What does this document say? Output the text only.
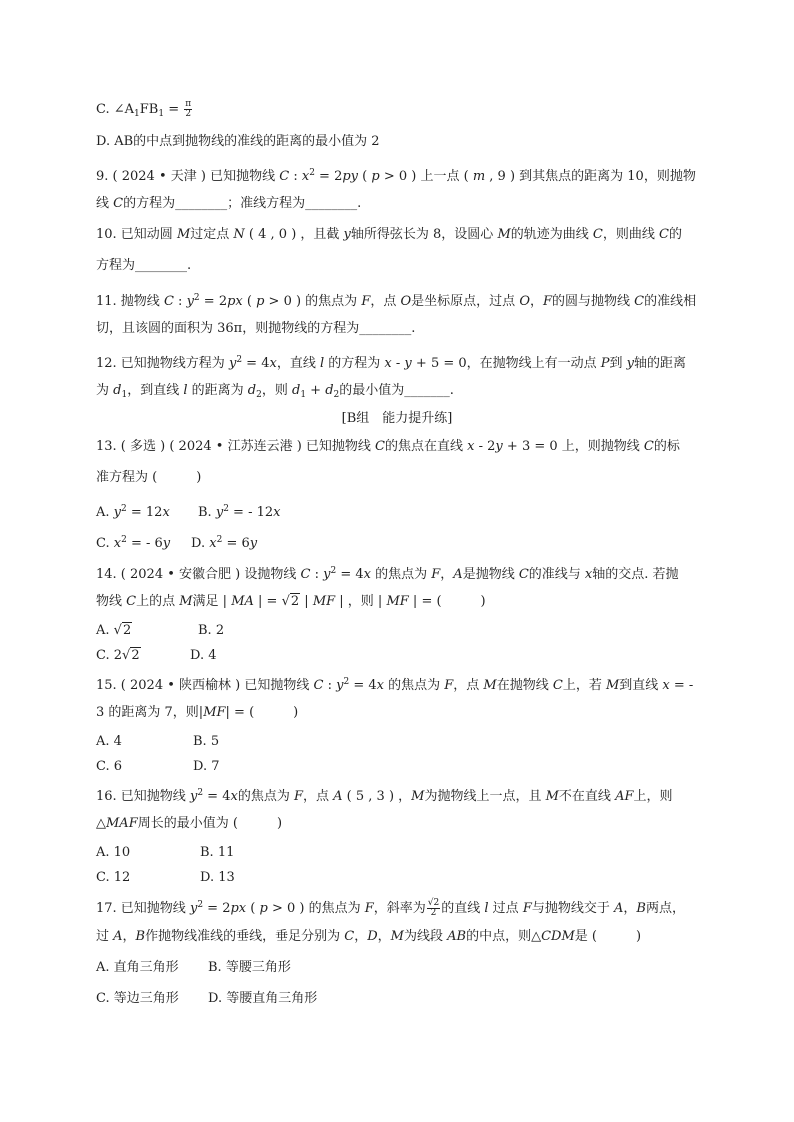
C. $\angle A_1FB_1 = \frac{\pi}{2}$
D. AB的中点到抛物线的准线的距离的最小值为 2
9. ( 2024 • 天津 ) 已知抛物线 C : $x^2 = 2py$ ( p > 0 ) 上一点 ( m , 9 ) 到其焦点的距离为 10，则抛物
线 C的方程为________；准线方程为________.
10. 已知动圆 M过定点 N ( 4 , 0 ) ，且截 y轴所得弦长为 8，设圆心 M的轨迹为曲线 C，则曲线 C的
方程为________.
11. 抛物线 C : $y^2 = 2px$ ( p > 0 ) 的焦点为 F，点 O是坐标原点，过点 O，F的圆与抛物线 C的准线相
切，且该圆的面积为 36π，则抛物线的方程为________.
12. 已知抛物线方程为 $y^2 = 4x$，直线 l 的方程为 x - y + 5 = 0，在抛物线上有一动点 P到 y轴的距离
为 $d_1$，到直线 l 的距离为 $d_2$，则 $d_1 + d_2$的最小值为_______.
[B组　能力提升练]
13. ( 多选 ) ( 2024 • 江苏连云港 ) 已知抛物线 C的焦点在直线 x - 2y + 3 = 0 上，则抛物线 C的标
准方程为 (　　　)
A. $y^2 = 12x$ B. $y^2$ = - 12x
C. $x^2$ = - 6y D. $x^2 = 6y$
14. ( 2024 • 安徽合肥 ) 设抛物线 C : $y^2 = 4x$ 的焦点为 F，A是抛物线 C的准线与 x轴的交点. 若抛
物线 C上的点 M满足 | MA | = √2 | MF | ，则 | MF | = (　　　)
A. √2	B. 2
C. 2√2	D. 4
15. ( 2024 • 陕西榆林 ) 已知抛物线 C : $y^2 = 4x$ 的焦点为 F，点 M在抛物线 C上，若 M到直线 x = -
3 的距离为 7，则|MF| = (　　　)
A. 4	B. 5
C. 6	D. 7
16. 已知抛物线 $y^2 = 4x$的焦点为 F，点 A ( 5 , 3 ) ，M为抛物线上一点，且 M不在直线 AF上，则
△MAF周长的最小值为 (　　　)
A. 10	B. 11
C. 12	D. 13
17. 已知抛物线 $y^2 = 2px$ ( p > 0 ) 的焦点为 F，斜率为 $\frac{√2}{2}$ 的直线 l 过点 F与抛物线交于 A，B两点，
过 A，B作抛物线准线的垂线，垂足分别为 C，D，M为线段 AB的中点，则△CDM是 (　　　)
A. 直角三角形 B. 等腰三角形
C. 等边三角形 D. 等腰直角三角形
